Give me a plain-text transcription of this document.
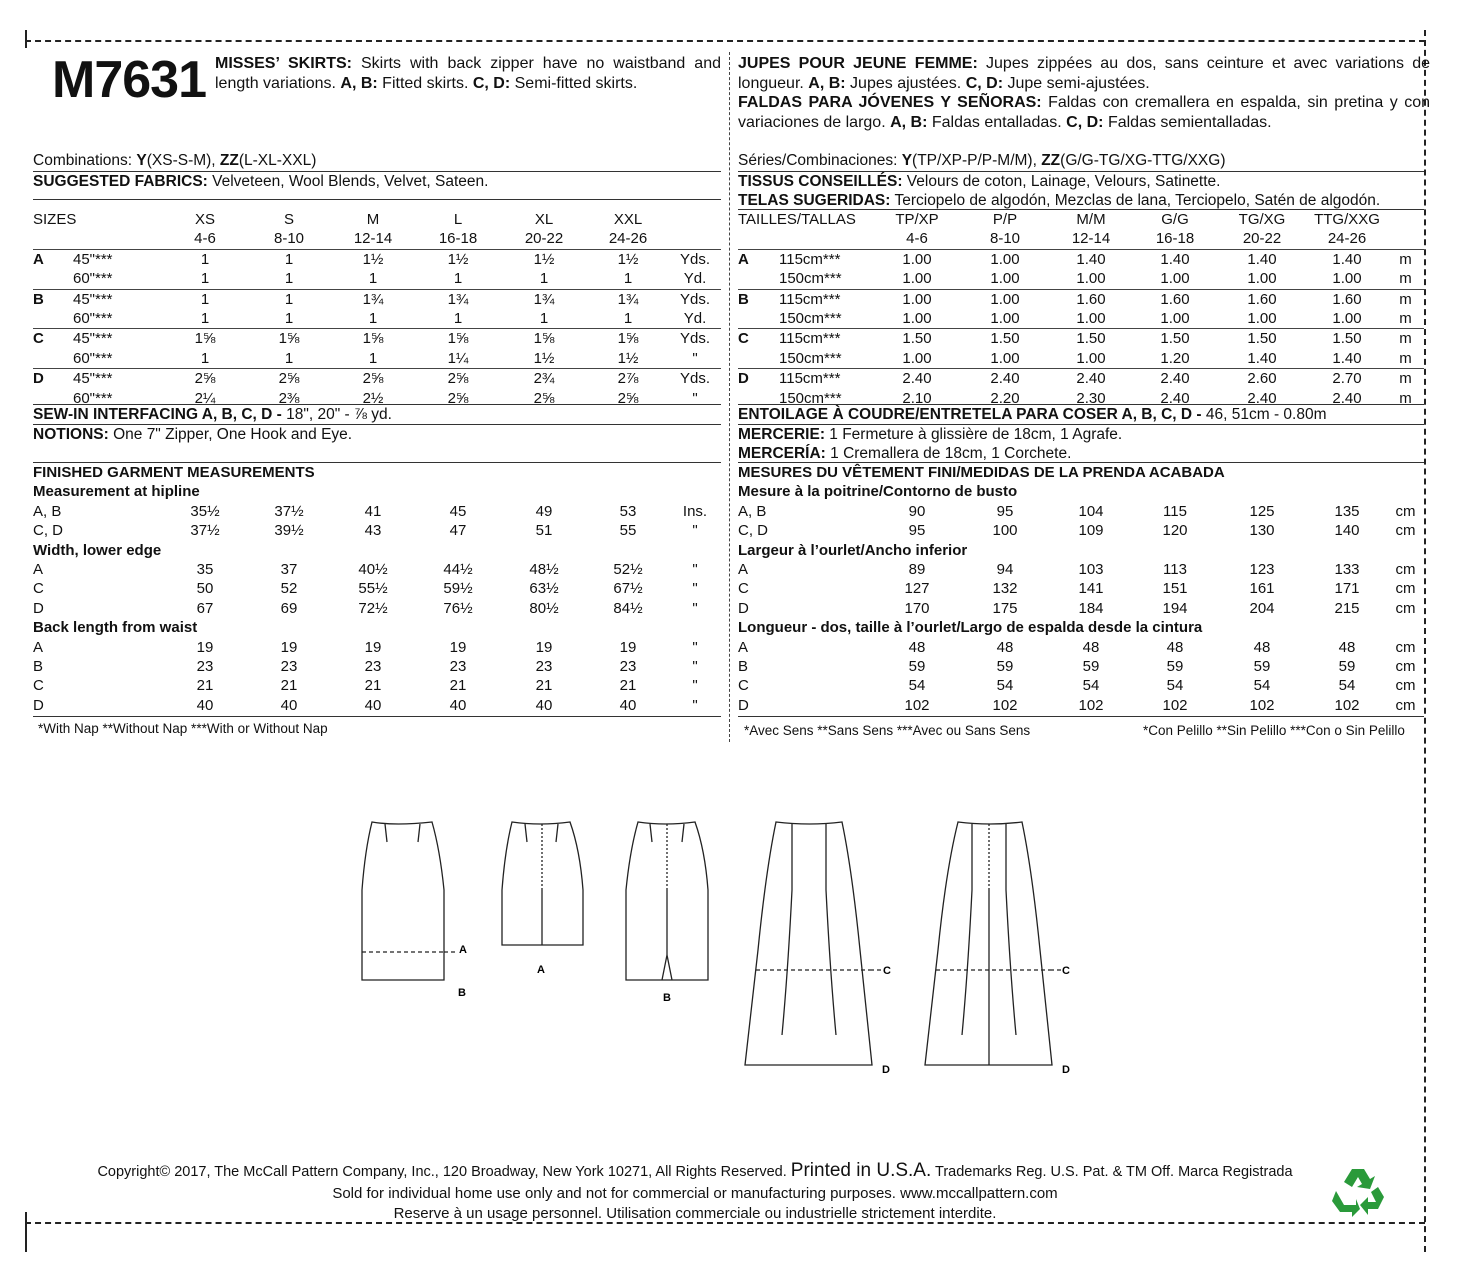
M7631 MISSES’ SKIRTS: Skirts with back zipper have no waistband and length variations. A, B: Fitted skirts. C, D: Semi-fitted skirts.
JUPES POUR JEUNE FEMME: Jupes zippées au dos, sans ceinture et avec variations de longueur. A, B: Jupes ajustées. C, D: Jupe semi-ajustées.
FALDAS PARA JÓVENES Y SEÑORAS: Faldas con cremallera en espalda, sin pretina y con variaciones de largo. A, B: Faldas entalladas. C, D: Faldas semientalladas.
Combinations: Y(XS-S-M), ZZ(L-XL-XXL)
SUGGESTED FABRICS: Velveteen, Wool Blends, Velvet, Sateen.
Séries/Combinaciones: Y(TP/XP-P/P-M/M), ZZ(G/G-TG/XG-TTG/XXG)
TISSUS CONSEILLÉS: Velours de coton, Lainage, Velours, Satinette.
TELAS SUGERIDAS: Terciopelo de algodón, Mezclas de lana, Terciopelo, Satén de algodón.
SIZES		XS	S	M	L	XL	XXL	
		4-6	8-10	12-14	16-18	20-22	24-26	
A	45"***	1	1	1½	1½	1½	1½	Yds.
	60"***	1	1	1	1	1	1	Yd.
B	45"***	1	1	1¾	1¾	1¾	1¾	Yds.
	60"***	1	1	1	1	1	1	Yd.
C	45"***	1⅝	1⅝	1⅝	1⅝	1⅝	1⅝	Yds.
	60"***	1	1	1	1¼	1½	1½	"
D	45"***	2⅝	2⅝	2⅝	2⅝	2¾	2⅞	Yds.
	60"***	2¼	2⅜	2½	2⅝	2⅝	2⅝	"
TAILLES/TALLAS		TP/XP	P/P	M/M	G/G	TG/XG	TTG/XXG	
		4-6	8-10	12-14	16-18	20-22	24-26	
A	115cm***	1.00	1.00	1.40	1.40	1.40	1.40	m
	150cm***	1.00	1.00	1.00	1.00	1.00	1.00	m
B	115cm***	1.00	1.00	1.60	1.60	1.60	1.60	m
	150cm***	1.00	1.00	1.00	1.00	1.00	1.00	m
C	115cm***	1.50	1.50	1.50	1.50	1.50	1.50	m
	150cm***	1.00	1.00	1.00	1.20	1.40	1.40	m
D	115cm***	2.40	2.40	2.40	2.40	2.60	2.70	m
	150cm***	2.10	2.20	2.30	2.40	2.40	2.40	m
SEW-IN INTERFACING A, B, C, D - 18", 20" - ⅞ yd.
NOTIONS: One 7" Zipper, One Hook and Eye.
ENTOILAGE À COUDRE/ENTRETELA PARA COSER A, B, C, D - 46, 51cm - 0.80m
MERCERIE: 1 Fermeture à glissière de 18cm, 1 Agrafe.
MERCERÍA: 1 Cremallera de 18cm, 1 Corchete.
FINISHED GARMENT MEASUREMENTS							
Measurement at hipline							
A, B	35½	37½	41	45	49	53	Ins.
C, D	37½	39½	43	47	51	55	"
Width, lower edge							
A	35	37	40½	44½	48½	52½	"
C	50	52	55½	59½	63½	67½	"
D	67	69	72½	76½	80½	84½	"
Back length from waist							
A	19	19	19	19	19	19	"
B	23	23	23	23	23	23	"
C	21	21	21	21	21	21	"
D	40	40	40	40	40	40	"
MESURES DU VÊTEMENT FINI/MEDIDAS DE LA PRENDA ACABADA							
Mesure à la poitrine/Contorno de busto							
A, B	90	95	104	115	125	135	cm
C, D	95	100	109	120	130	140	cm
Largeur à l’ourlet/Ancho inferior							
A	89	94	103	113	123	133	cm
C	127	132	141	151	161	171	cm
D	170	175	184	194	204	215	cm
Longueur - dos, taille à l’ourlet/Largo de espalda desde la cintura							
A	48	48	48	48	48	48	cm
B	59	59	59	59	59	59	cm
C	54	54	54	54	54	54	cm
D	102	102	102	102	102	102	cm
*With Nap **Without Nap ***With or Without Nap	*Avec Sens **Sans Sens ***Avec ou Sans Sens	*Con Pelillo **Sin Pelillo ***Con o Sin Pelillo
A
B
A
B
C
D
C
D
Copyright© 2017, The McCall Pattern Company, Inc., 120 Broadway, New York 10271, All Rights Reserved. Printed in U.S.A. Trademarks Reg. U.S. Pat. & TM Off. Marca Registrada
Sold for individual home use only and not for commercial or manufacturing purposes. www.mccallpattern.com
Reserve à un usage personnel. Utilisation commerciale ou industrielle strictement interdite.
